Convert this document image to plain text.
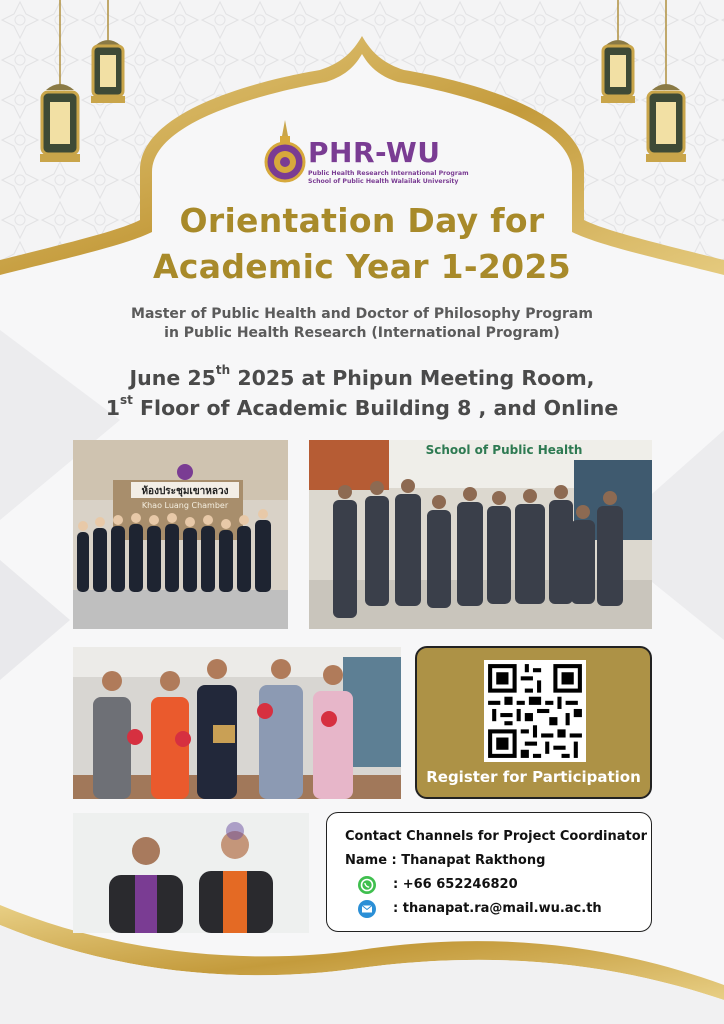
PHR-WU
Public Health Research International Program
School of Public Health Walailak University
Orientation Day for
Academic Year 1-2025
Master of Public Health and Doctor of Philosophy Program
in Public Health Research (International Program)
June 25th 2025 at Phipun Meeting Room,
1st Floor of Academic Building 8 , and Online
ห้องประชุมเขาหลวง
Khao Luang Chamber
School of Public Health
Register for Participation
Contact Channels for Project Coordinator
Name : Thanapat Rakthong
: +66 652246820
: thanapat.ra@mail.wu.ac.th
